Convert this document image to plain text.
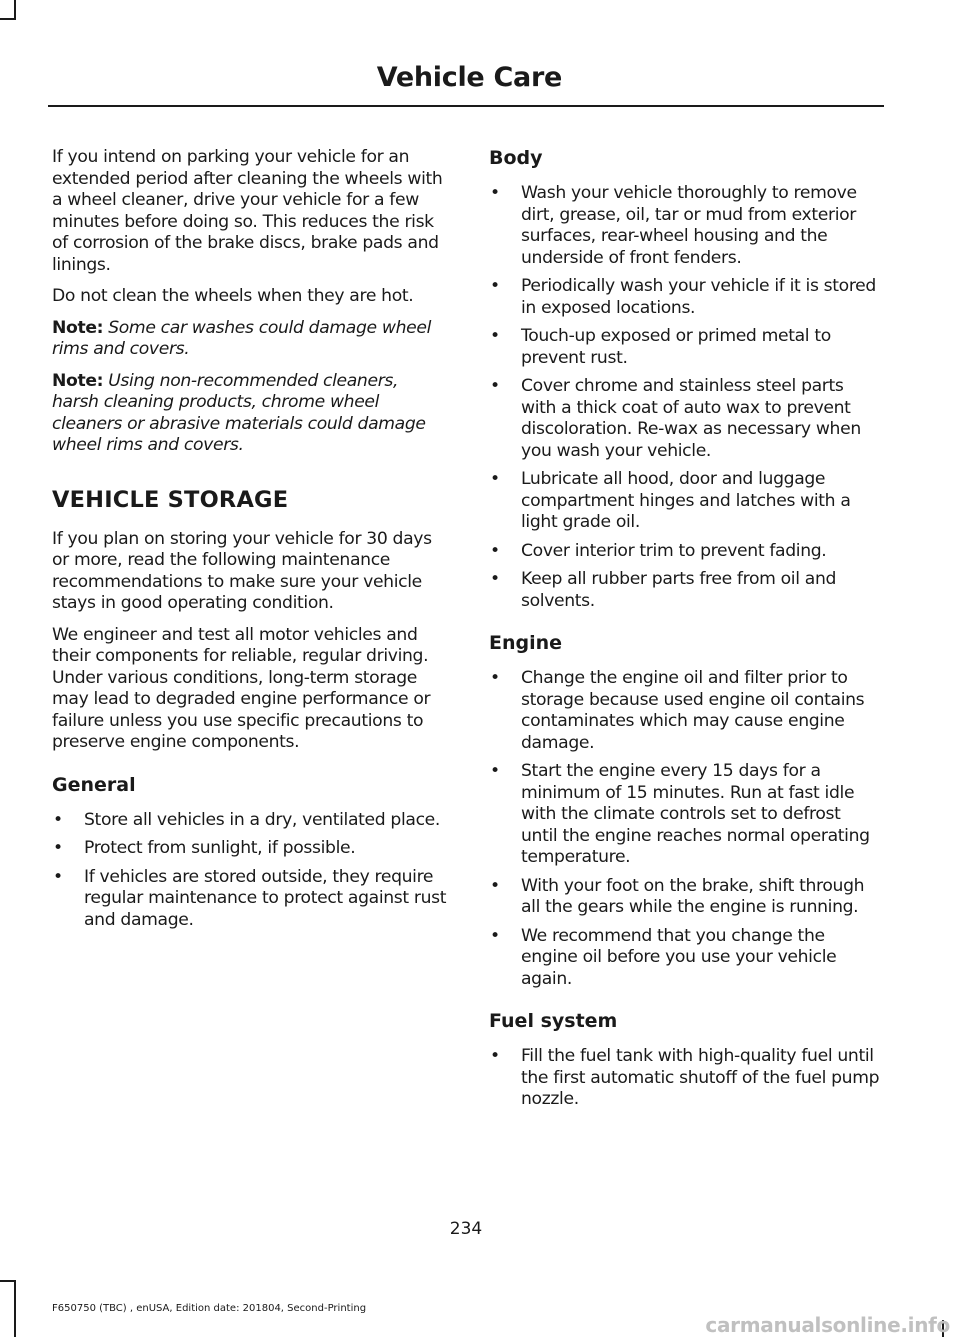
Vehicle Care

If you intend on parking your vehicle for an extended period after cleaning the wheels with a wheel cleaner, drive your vehicle for a few minutes before doing so. This reduces the risk of corrosion of the brake discs, brake pads and linings.

Do not clean the wheels when they are hot.

Note: Some car washes could damage wheel rims and covers.

Note: Using non-recommended cleaners, harsh cleaning products, chrome wheel cleaners or abrasive materials could damage wheel rims and covers.

VEHICLE STORAGE

If you plan on storing your vehicle for 30 days or more, read the following maintenance recommendations to make sure your vehicle stays in good operating condition.

We engineer and test all motor vehicles and their components for reliable, regular driving. Under various conditions, long-term storage may lead to degraded engine performance or failure unless you use specific precautions to preserve engine components.

General
• Store all vehicles in a dry, ventilated place.
• Protect from sunlight, if possible.
• If vehicles are stored outside, they require regular maintenance to protect against rust and damage.
Body
• Wash your vehicle thoroughly to remove dirt, grease, oil, tar or mud from exterior surfaces, rear-wheel housing and the underside of front fenders.
• Periodically wash your vehicle if it is stored in exposed locations.
• Touch-up exposed or primed metal to prevent rust.
• Cover chrome and stainless steel parts with a thick coat of auto wax to prevent discoloration. Re-wax as necessary when you wash your vehicle.
• Lubricate all hood, door and luggage compartment hinges and latches with a light grade oil.
• Cover interior trim to prevent fading.
• Keep all rubber parts free from oil and solvents.
Engine
• Change the engine oil and filter prior to storage because used engine oil contains contaminates which may cause engine damage.
• Start the engine every 15 days for a minimum of 15 minutes. Run at fast idle with the climate controls set to defrost until the engine reaches normal operating temperature.
• With your foot on the brake, shift through all the gears while the engine is running.
• We recommend that you change the engine oil before you use your vehicle again.
Fuel system
• Fill the fuel tank with high-quality fuel until the first automatic shutoff of the fuel pump nozzle.
234
F650750 (TBC) , enUSA, Edition date: 201804, Second-Printing
carmanualsonline.info
